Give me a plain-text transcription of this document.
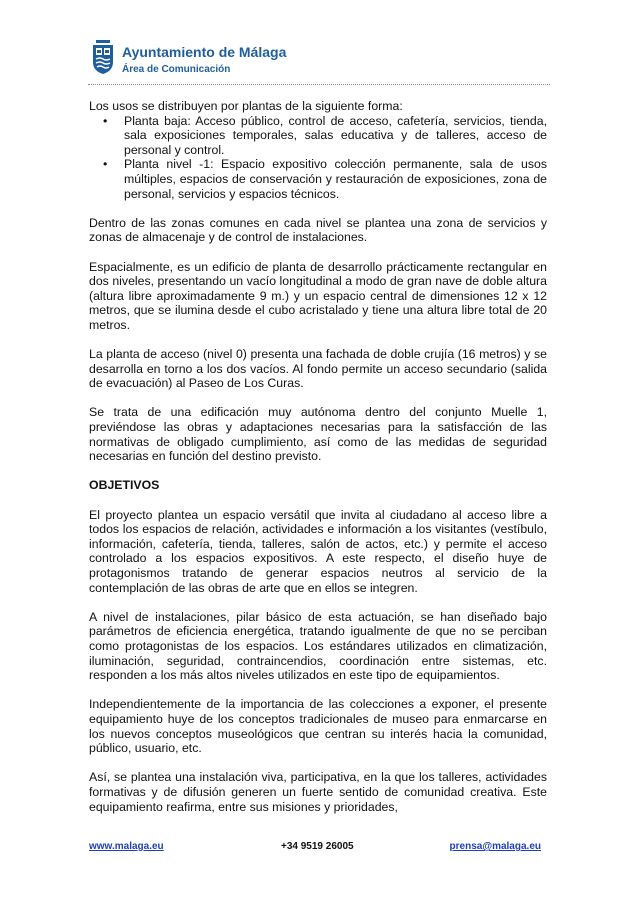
Ayuntamiento de Málaga
Área de Comunicación

Los usos se distribuyen por plantas de la siguiente forma:

• Planta baja: Acceso público, control de acceso, cafetería, servicios, tienda, sala exposiciones temporales, salas educativa y de talleres, acceso de personal y control.
• Planta nivel -1: Espacio expositivo colección permanente, sala de usos múltiples, espacios de conservación y restauración de exposiciones, zona de personal, servicios y espacios técnicos.

Dentro de las zonas comunes en cada nivel se plantea una zona de servicios y zonas de almacenaje y de control de instalaciones.

Espacialmente, es un edificio de planta de desarrollo prácticamente rectangular en dos niveles, presentando un vacío longitudinal a modo de gran nave de doble altura (altura libre aproximadamente 9 m.) y un espacio central de dimensiones 12 x 12 metros, que se ilumina desde el cubo acristalado y tiene una altura libre total de 20 metros.

La planta de acceso (nivel 0) presenta una fachada de doble crujía (16 metros) y se desarrolla en torno a los dos vacíos. Al fondo permite un acceso secundario (salida de evacuación) al Paseo de Los Curas.

Se trata de una edificación muy autónoma dentro del conjunto Muelle 1, previéndose las obras y adaptaciones necesarias para la satisfacción de las normativas de obligado cumplimiento, así como de las medidas de seguridad necesarias en función del destino previsto.

OBJETIVOS

El proyecto plantea un espacio versátil que invita al ciudadano al acceso libre a todos los espacios de relación, actividades e información a los visitantes (vestíbulo, información, cafetería, tienda, talleres, salón de actos, etc.) y permite el acceso controlado a los espacios expositivos. A este respecto, el diseño huye de protagonismos tratando de generar espacios neutros al servicio de la contemplación de las obras de arte que en ellos se integren.

A nivel de instalaciones, pilar básico de esta actuación, se han diseñado bajo parámetros de eficiencia energética, tratando igualmente de que no se perciban como protagonistas de los espacios. Los estándares utilizados en climatización, iluminación, seguridad, contraincendios, coordinación entre sistemas, etc. responden a los más altos niveles utilizados en este tipo de equipamientos.

Independientemente de la importancia de las colecciones a exponer, el presente equipamiento huye de los conceptos tradicionales de museo para enmarcarse en los nuevos conceptos museológicos que centran su interés hacia la comunidad, público, usuario, etc.

Así, se plantea una instalación viva, participativa, en la que los talleres, actividades formativas y de difusión generen un fuerte sentido de comunidad creativa. Este equipamiento reafirma, entre sus misiones y prioridades,

www.malaga.eu	+34 9519 26005	prensa@malaga.eu
